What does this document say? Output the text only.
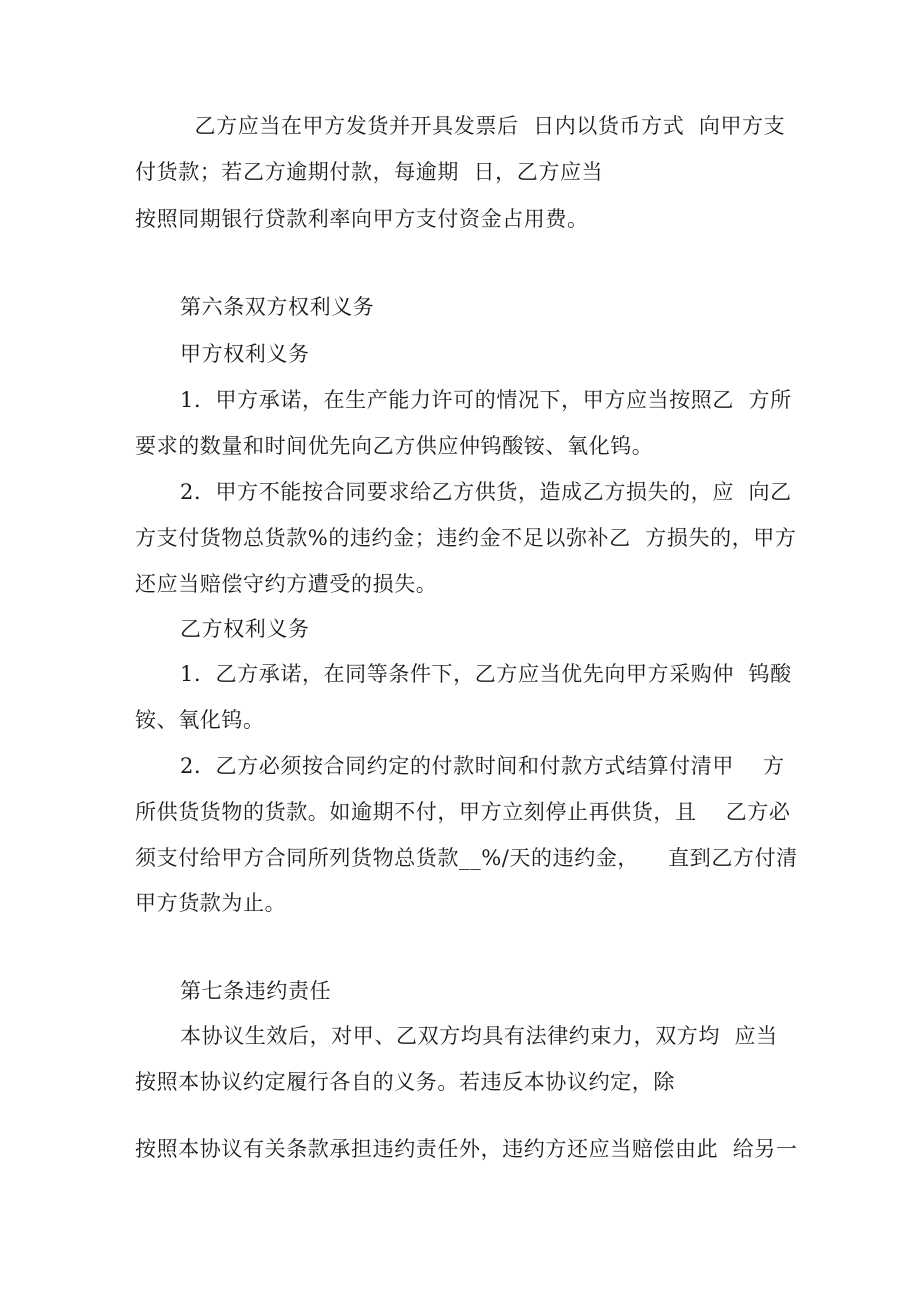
乙方应当在甲方发货并开具发票后  日内以货币方式  向甲方支

付货款；若乙方逾期付款，每逾期  日，乙方应当

按照同期银行贷款利率向甲方支付资金占用费。

第六条双方权利义务

甲方权利义务

1．甲方承诺，在生产能力许可的情况下，甲方应当按照乙  方所

要求的数量和时间优先向乙方供应仲钨酸铵、氧化钨。

2．甲方不能按合同要求给乙方供货，造成乙方损失的，应  向乙

方支付货物总货款%的违约金；违约金不足以弥补乙  方损失的，甲方

还应当赔偿守约方遭受的损失。

乙方权利义务

1．乙方承诺，在同等条件下，乙方应当优先向甲方采购仲  钨酸

铵、氧化钨。

2．乙方必须按合同约定的付款时间和付款方式结算付清甲    方

所供货货物的货款。如逾期不付，甲方立刻停止再供货，且    乙方必

须支付给甲方合同所列货物总货款__%/天的违约金，    直到乙方付清

甲方货款为止。

第七条违约责任

本协议生效后，对甲、乙双方均具有法律约束力，双方均  应当

按照本协议约定履行各自的义务。若违反本协议约定，除

按照本协议有关条款承担违约责任外，违约方还应当赔偿由此  给另一
